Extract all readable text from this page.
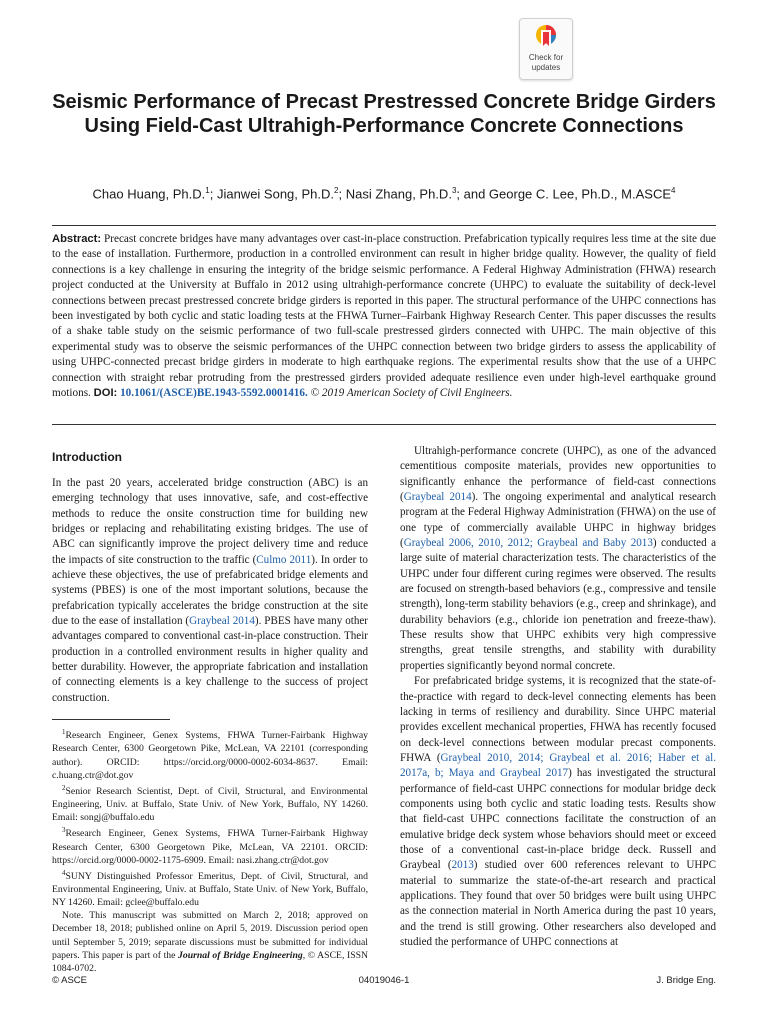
Check for
updates
Seismic Performance of Precast Prestressed Concrete Bridge Girders Using Field-Cast Ultrahigh-Performance Concrete Connections
Chao Huang, Ph.D.$^1$; Jianwei Song, Ph.D.$^2$; Nasi Zhang, Ph.D.$^3$; and George C. Lee, Ph.D., M.ASCE$^4$

Abstract: Precast concrete bridges have many advantages over cast-in-place construction. Prefabrication typically requires less time at the site due to the ease of installation. Furthermore, production in a controlled environment can result in higher bridge quality. However, the quality of field connections is a key challenge in ensuring the integrity of the bridge seismic performance. A Federal Highway Administration (FHWA) research project conducted at the University at Buffalo in 2012 using ultrahigh-performance concrete (UHPC) to evaluate the suitability of deck-level connections between precast prestressed concrete bridge girders is reported in this paper. The structural performance of the UHPC connections has been investigated by both cyclic and static loading tests at the FHWA Turner–Fairbank Highway Research Center. This paper discusses the results of a shake table study on the seismic performance of two full-scale prestressed girders connected with UHPC. The main objective of this experimental study was to observe the seismic performances of the UHPC connection between two bridge girders to assess the applicability of using UHPC-connected precast bridge girders in moderate to high earthquake regions. The experimental results show that the use of a UHPC connection with straight rebar protruding from the prestressed girders provided adequate resilience even under high-level earthquake ground motions. DOI: 10.1061/(ASCE)BE.1943-5592.0001416. © 2019 American Society of Civil Engineers.

Introduction

In the past 20 years, accelerated bridge construction (ABC) is an emerging technology that uses innovative, safe, and cost-effective methods to reduce the onsite construction time for building new bridges or replacing and rehabilitating existing bridges. The use of ABC can significantly improve the project delivery time and reduce the impacts of site construction to the traffic (Culmo 2011). In order to achieve these objectives, the use of prefabricated bridge elements and systems (PBES) is one of the most important solutions, because the prefabrication typically accelerates the bridge construction at the site due to the ease of installation (Graybeal 2014). PBES have many other advantages compared to conventional cast-in-place construction. Their production in a controlled environment results in higher quality and better durability. However, the appropriate fabrication and installation of connecting elements is a key challenge to the success of project construction.

$^1$Research Engineer, Genex Systems, FHWA Turner-Fairbank Highway Research Center, 6300 Georgetown Pike, McLean, VA 22101 (corresponding author). ORCID: https://orcid.org/0000-0002-6034-8637. Email: c.huang.ctr@dot.gov

$^2$Senior Research Scientist, Dept. of Civil, Structural, and Environmental Engineering, Univ. at Buffalo, State Univ. of New York, Buffalo, NY 14260. Email: songj@buffalo.edu

$^3$Research Engineer, Genex Systems, FHWA Turner-Fairbank Highway Research Center, 6300 Georgetown Pike, McLean, VA 22101. ORCID: https://orcid.org/0000-0002-1175-6909. Email: nasi.zhang.ctr@dot.gov

$^4$SUNY Distinguished Professor Emeritus, Dept. of Civil, Structural, and Environmental Engineering, Univ. at Buffalo, State Univ. of New York, Buffalo, NY 14260. Email: gclee@buffalo.edu

Note. This manuscript was submitted on March 2, 2018; approved on December 18, 2018; published online on April 5, 2019. Discussion period open until September 5, 2019; separate discussions must be submitted for individual papers. This paper is part of the Journal of Bridge Engineering, © ASCE, ISSN 1084-0702.

Ultrahigh-performance concrete (UHPC), as one of the advanced cementitious composite materials, provides new opportunities to significantly enhance the performance of field-cast connections (Graybeal 2014). The ongoing experimental and analytical research program at the Federal Highway Administration (FHWA) on the use of one type of commercially available UHPC in highway bridges (Graybeal 2006, 2010, 2012; Graybeal and Baby 2013) conducted a large suite of material characterization tests. The characteristics of the UHPC under four different curing regimes were observed. The results are focused on strength-based behaviors (e.g., compressive and tensile strength), long-term stability behaviors (e.g., creep and shrinkage), and durability behaviors (e.g., chloride ion penetration and freeze-thaw). These results show that UHPC exhibits very high compressive strengths, great tensile strengths, and stability with durability properties significantly beyond normal concrete.

For prefabricated bridge systems, it is recognized that the state-of-the-practice with regard to deck-level connecting elements has been lacking in terms of resiliency and durability. Since UHPC material provides excellent mechanical properties, FHWA has recently focused on deck-level connections between modular precast components. FHWA (Graybeal 2010, 2014; Graybeal et al. 2016; Haber et al. 2017a, b; Maya and Graybeal 2017) has investigated the structural performance of field-cast UHPC connections for modular bridge deck components using both cyclic and static loading tests. Results show that field-cast UHPC connections facilitate the construction of an emulative bridge deck system whose behaviors should meet or exceed those of a conventional cast-in-place bridge deck. Russell and Graybeal (2013) studied over 600 references relevant to UHPC material to summarize the state-of-the-art research and practical applications. They found that over 50 bridges were built using UHPC as the connection material in North America during the past 10 years, and the trend is still growing. Other researchers also developed and studied the performance of UHPC connections at

© ASCE	04019046-1	J. Bridge Eng.
